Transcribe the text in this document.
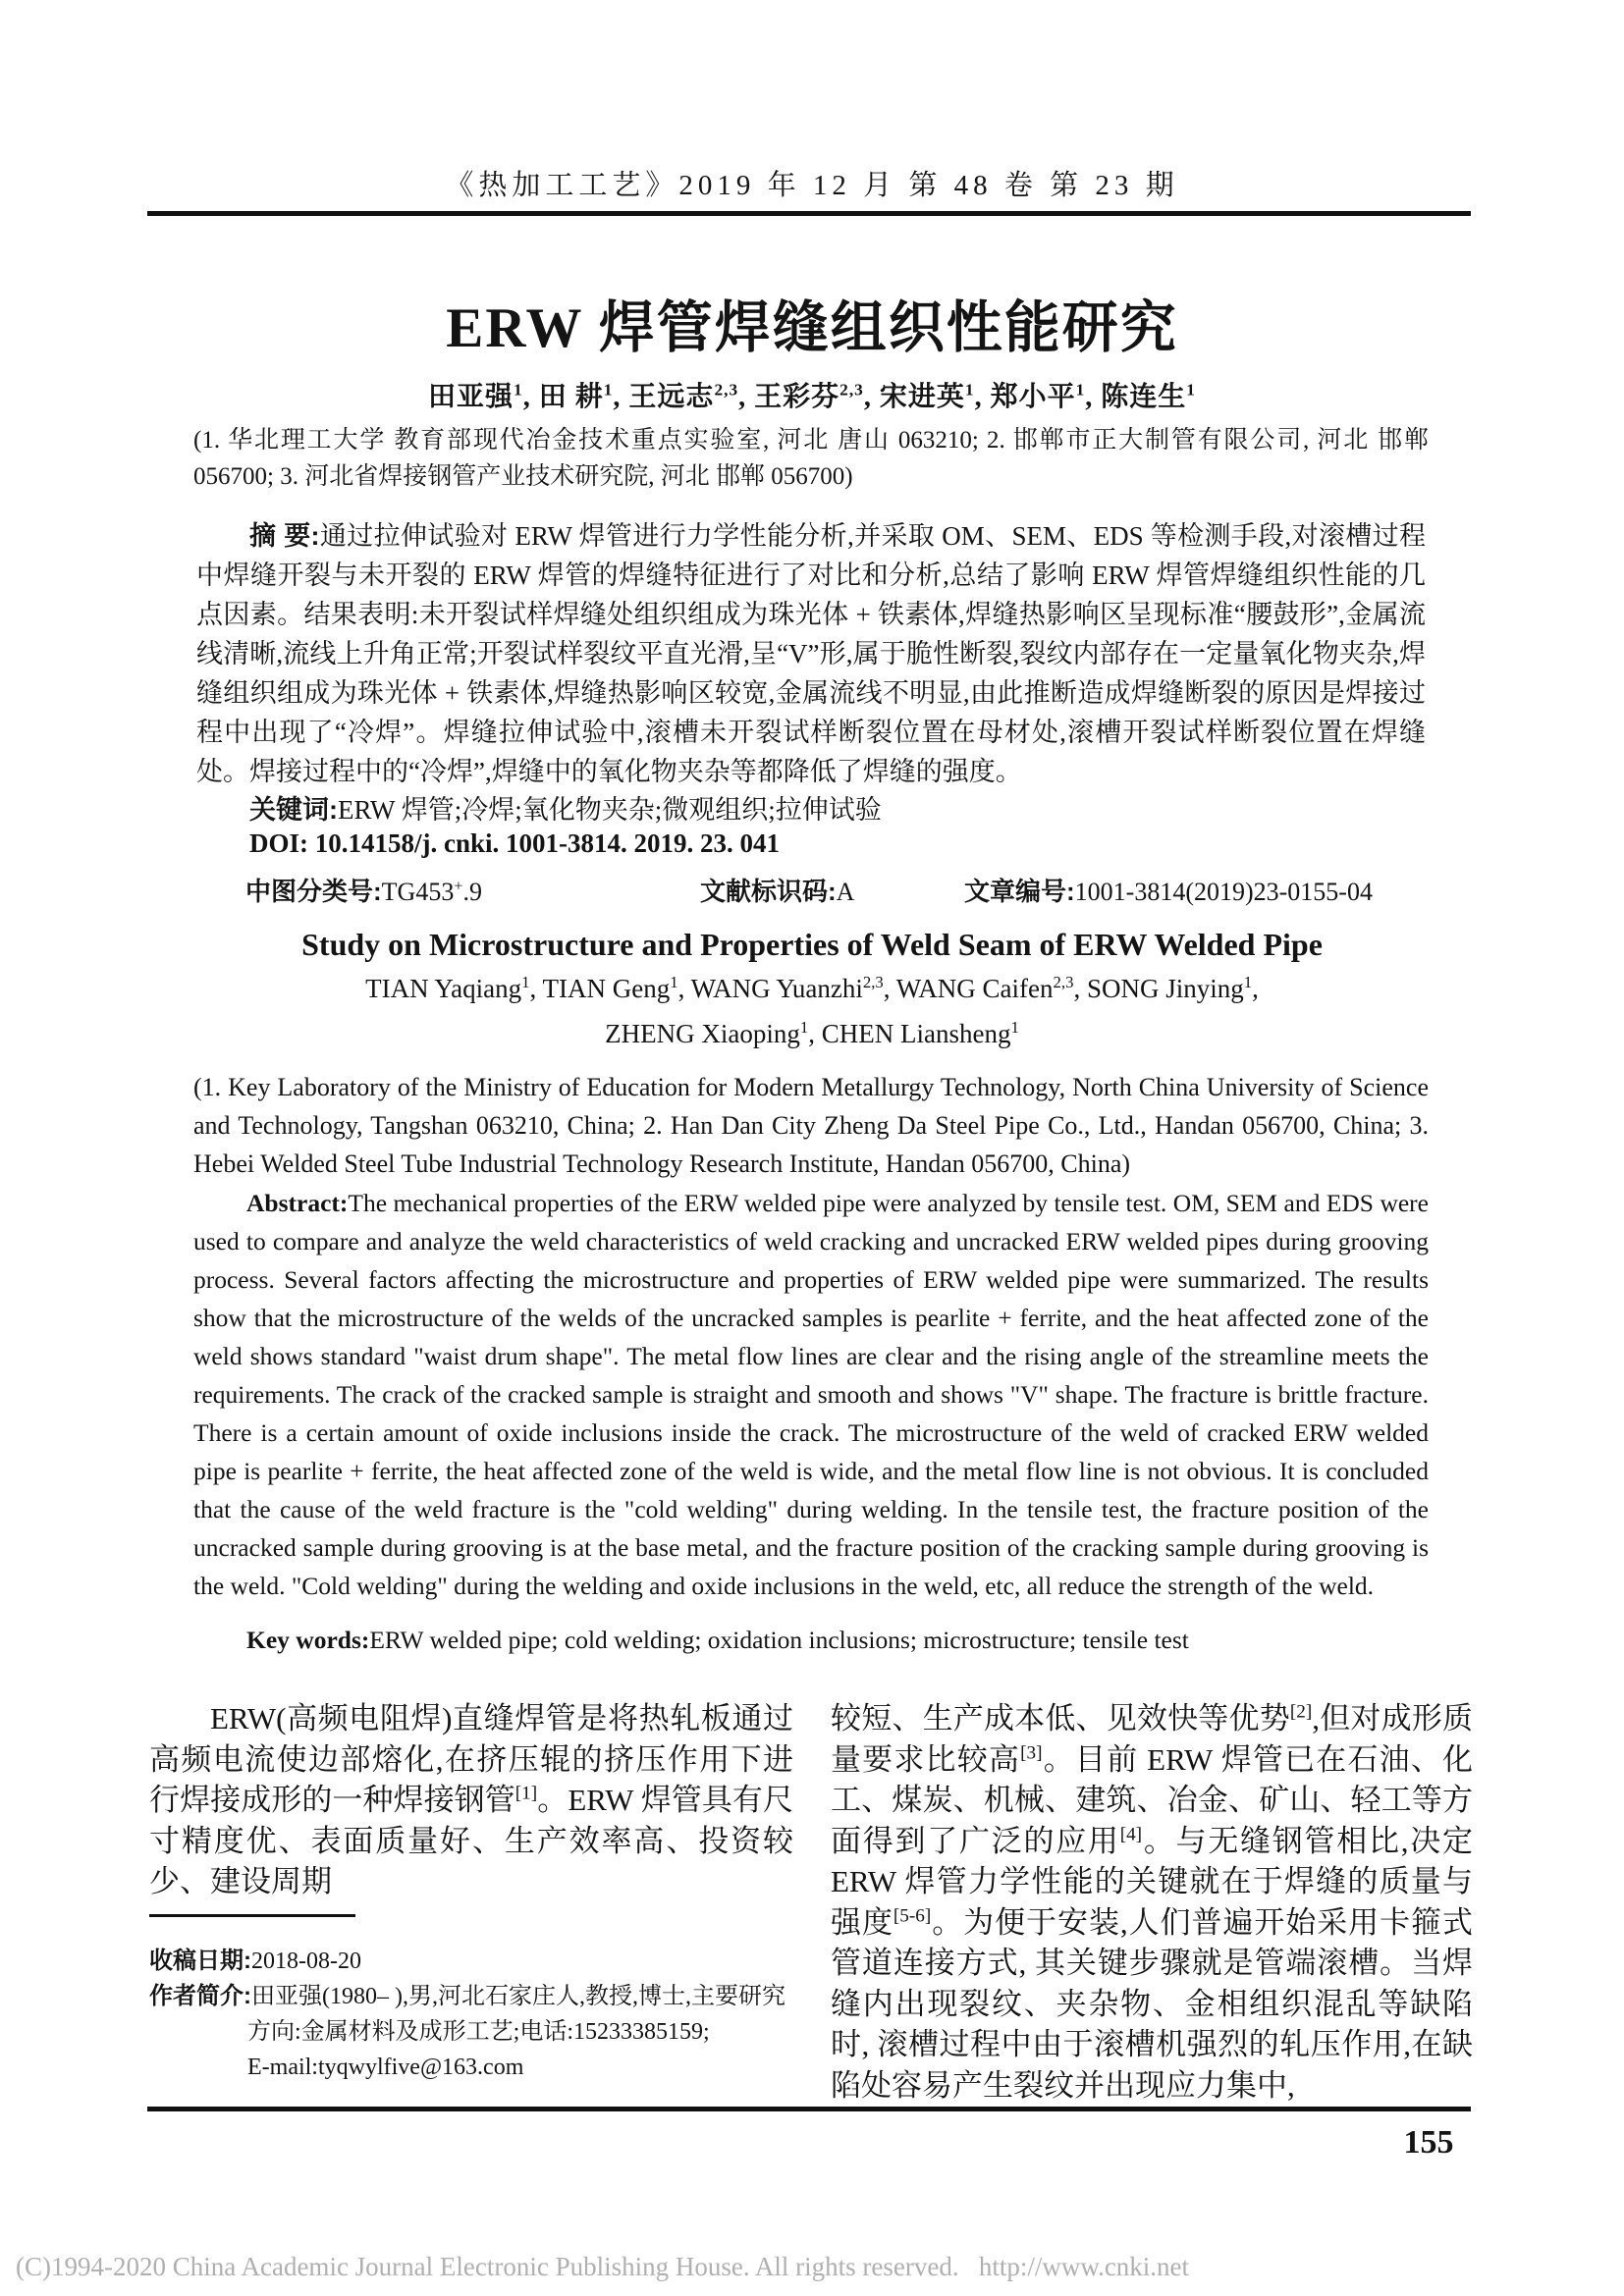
《热加工工艺》2019 年 12 月 第 48 卷 第 23 期
ERW 焊管焊缝组织性能研究
田亚强$^1$, 田 耕$^1$, 王远志$^{2,3}$, 王彩芬$^{2,3}$, 宋进英$^1$, 郑小平$^1$, 陈连生$^1$

(1. 华北理工大学 教育部现代冶金技术重点实验室, 河北 唐山 063210; 2. 邯郸市正大制管有限公司, 河北 邯郸 056700; 3. 河北省焊接钢管产业技术研究院, 河北 邯郸 056700)

摘 要:通过拉伸试验对 ERW 焊管进行力学性能分析,并采取 OM、SEM、EDS 等检测手段,对滚槽过程中焊缝开裂与未开裂的 ERW 焊管的焊缝特征进行了对比和分析,总结了影响 ERW 焊管焊缝组织性能的几点因素。结果表明:未开裂试样焊缝处组织组成为珠光体 + 铁素体,焊缝热影响区呈现标准“腰鼓形”,金属流线清晰,流线上升角正常;开裂试样裂纹平直光滑,呈“V”形,属于脆性断裂,裂纹内部存在一定量氧化物夹杂,焊缝组织组成为珠光体 + 铁素体,焊缝热影响区较宽,金属流线不明显,由此推断造成焊缝断裂的原因是焊接过程中出现了“冷焊”。焊缝拉伸试验中,滚槽未开裂试样断裂位置在母材处,滚槽开裂试样断裂位置在焊缝处。焊接过程中的“冷焊”,焊缝中的氧化物夹杂等都降低了焊缝的强度。

关键词:ERW 焊管;冷焊;氧化物夹杂;微观组织;拉伸试验

DOI: 10.14158/j. cnki. 1001-3814. 2019. 23. 041
中图分类号:TG453+.9	文献标识码:A	文章编号:1001-3814(2019)23-0155-04
Study on Microstructure and Properties of Weld Seam of ERW Welded Pipe
TIAN Yaqiang$^1$, TIAN Geng$^1$, WANG Yuanzhi$^{2,3}$, WANG Caifen$^{2,3}$, SONG Jinying$^1$,
ZHENG Xiaoping$^1$, CHEN Liansheng$^1$

(1. Key Laboratory of the Ministry of Education for Modern Metallurgy Technology, North China University of Science and Technology, Tangshan 063210, China; 2. Han Dan City Zheng Da Steel Pipe Co., Ltd., Handan 056700, China; 3. Hebei Welded Steel Tube Industrial Technology Research Institute, Handan 056700, China)

Abstract:The mechanical properties of the ERW welded pipe were analyzed by tensile test. OM, SEM and EDS were used to compare and analyze the weld characteristics of weld cracking and uncracked ERW welded pipes during grooving process. Several factors affecting the microstructure and properties of ERW welded pipe were summarized. The results show that the microstructure of the welds of the uncracked samples is pearlite + ferrite, and the heat affected zone of the weld shows standard "waist drum shape". The metal flow lines are clear and the rising angle of the streamline meets the requirements. The crack of the cracked sample is straight and smooth and shows "V" shape. The fracture is brittle fracture. There is a certain amount of oxide inclusions inside the crack. The microstructure of the weld of cracked ERW welded pipe is pearlite + ferrite, the heat affected zone of the weld is wide, and the metal flow line is not obvious. It is concluded that the cause of the weld fracture is the "cold welding" during welding. In the tensile test, the fracture position of the uncracked sample during grooving is at the base metal, and the fracture position of the cracking sample during grooving is the weld. "Cold welding" during the welding and oxide inclusions in the weld, etc, all reduce the strength of the weld.

Key words:ERW welded pipe; cold welding; oxidation inclusions; microstructure; tensile test

ERW(高频电阻焊)直缝焊管是将热轧板通过高频电流使边部熔化,在挤压辊的挤压作用下进行焊接成形的一种焊接钢管[1]。ERW 焊管具有尺寸精度优、表面质量好、生产效率高、投资较少、建设周期

较短、生产成本低、见效快等优势[2],但对成形质量要求比较高[3]。目前 ERW 焊管已在石油、化工、煤炭、机械、建筑、冶金、矿山、轻工等方面得到了广泛的应用[4]。与无缝钢管相比,决定 ERW 焊管力学性能的关键就在于焊缝的质量与强度[5-6]。为便于安装,人们普遍开始采用卡箍式管道连接方式, 其关键步骤就是管端滚槽。当焊缝内出现裂纹、夹杂物、金相组织混乱等缺陷时, 滚槽过程中由于滚槽机强烈的轧压作用,在缺陷处容易产生裂纹并出现应力集中,

收稿日期:2018-08-20

作者简介:田亚强(1980– ),男,河北石家庄人,教授,博士,主要研究方向:金属材料及成形工艺;电话:15233385159;

E-mail:tyqwylfive@163.com

155
(C)1994-2020 China Academic Journal Electronic Publishing House. All rights reserved.   http://www.cnki.net
